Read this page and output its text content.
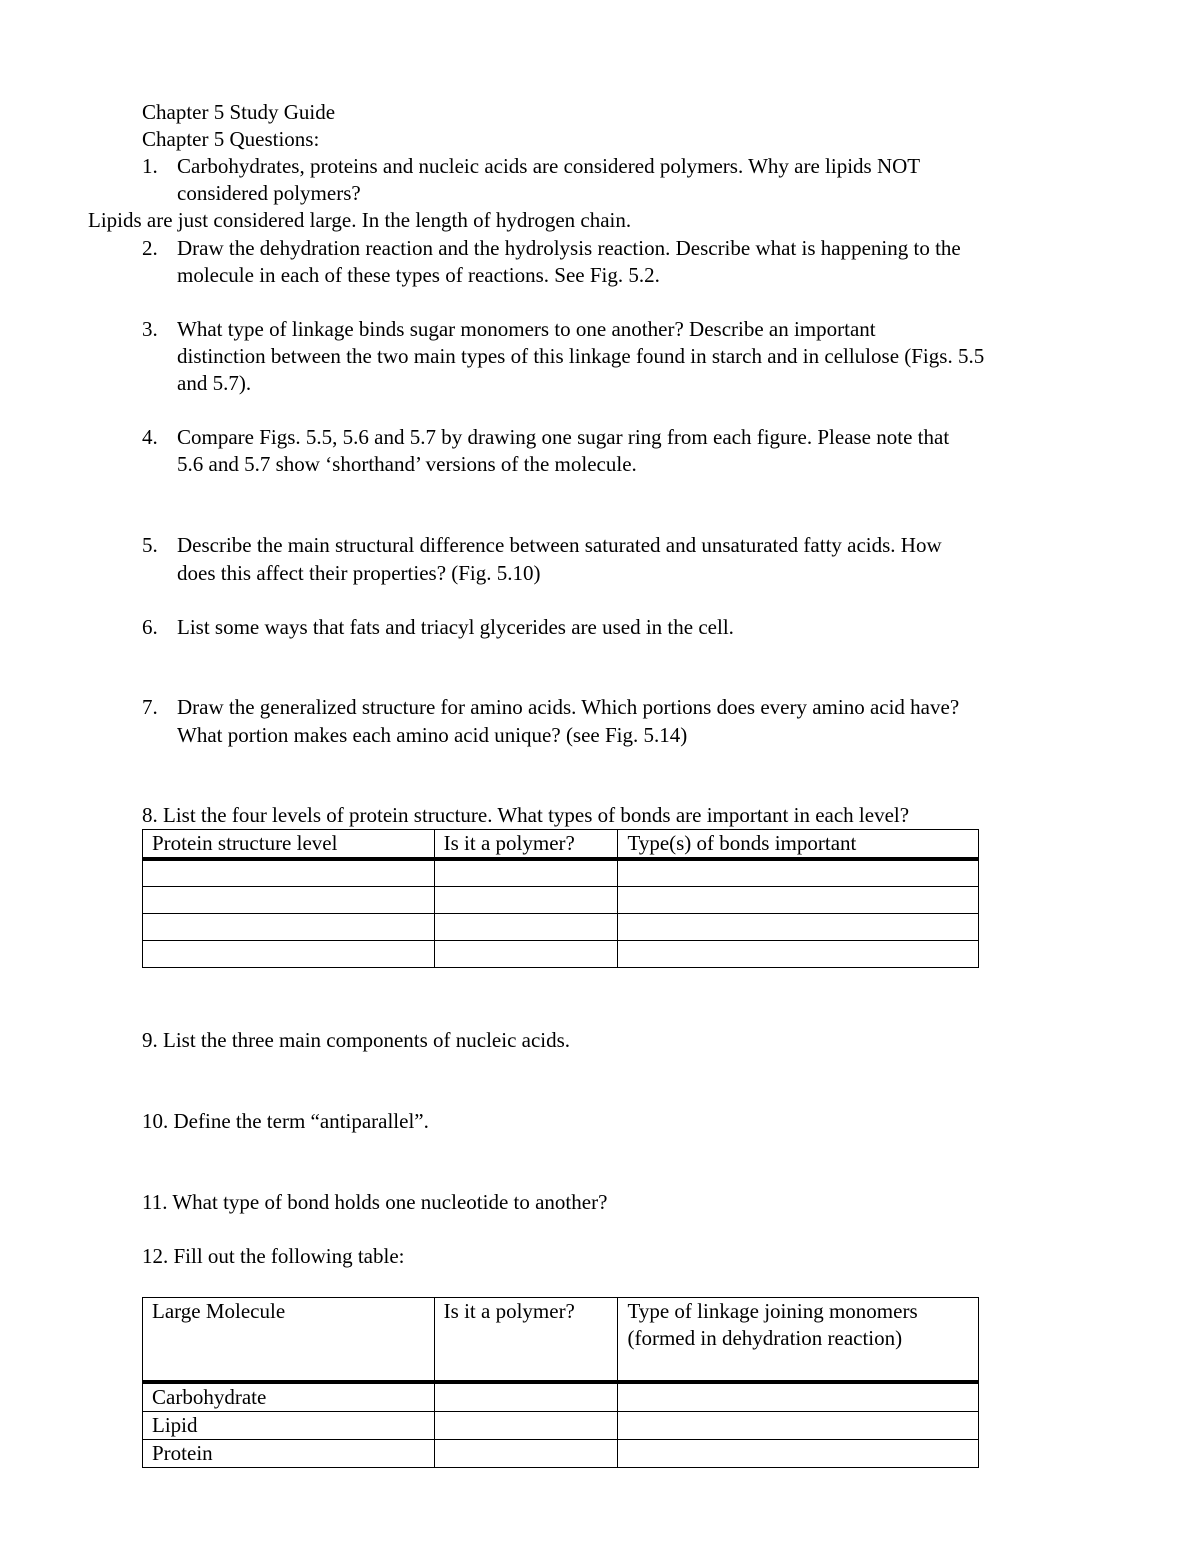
Chapter 5 Study Guide
Chapter 5 Questions:
1. Carbohydrates, proteins and nucleic acids are considered polymers. Why are lipids NOT
considered polymers?
Lipids are just considered large. In the length of hydrogen chain.
2. Draw the dehydration reaction and the hydrolysis reaction. Describe what is happening to the
molecule in each of these types of reactions. See Fig. 5.2.
3. What type of linkage binds sugar monomers to one another? Describe an important
distinction between the two main types of this linkage found in starch and in cellulose (Figs. 5.5
and 5.7).
4. Compare Figs. 5.5, 5.6 and 5.7 by drawing one sugar ring from each figure. Please note that
5.6 and 5.7 show ‘shorthand’ versions of the molecule.
5. Describe the main structural difference between saturated and unsaturated fatty acids. How
does this affect their properties? (Fig. 5.10)
6. List some ways that fats and triacyl glycerides are used in the cell.
7. Draw the generalized structure for amino acids. Which portions does every amino acid have?
What portion makes each amino acid unique? (see Fig. 5.14)
8. List the four levels of protein structure. What types of bonds are important in each level?
Protein structure level	Is it a polymer?	Type(s) of bonds important

9. List the three main components of nucleic acids.
10. Define the term “antiparallel”.
11. What type of bond holds one nucleotide to another?
12. Fill out the following table:
Large Molecule	Is it a polymer?	Type of linkage joining monomers (formed in dehydration reaction)
Carbohydrate		
Lipid		
Protein		
